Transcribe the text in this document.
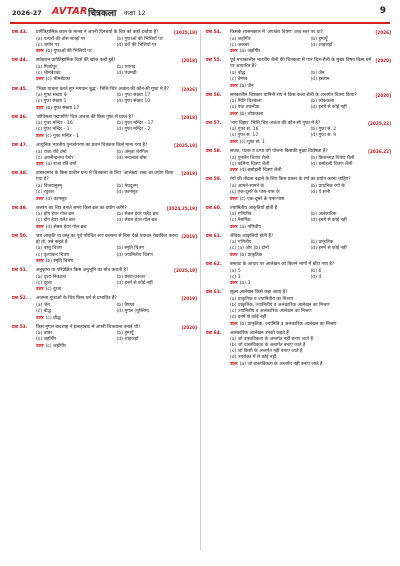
2026-27 AVTAR चित्रकला कक्षा 12	9
प्रश्न 43.	[2025,18]
प्रागैतिहासिक काल के मानव ने अपनी दिनचर्या के चित्र को कहाँ दर्शाया है?
(a) पत्थरों की ठोस सतहों पर	(b) गुफाओं की भित्तियों पर
(c) जमीन पर	(d) घरों की भित्तियों पर
उत्तर (b) गुफाओं की भित्तियों पर
प्रश्न 44.	[2018]
सर्वप्रथम प्रागैतिहासिक चित्रों की खोज कहाँ हुई?
(a) मिर्जापुर	(b) रायगढ़
(c) भीमबेटका	(d) पंचमढ़ी
उत्तर (c) भीमबेटका
प्रश्न 45.	[2026]
'भिक्षा याचना करते हुए भगवान बुद्ध'- भित्ति चित्र अजंता की कौन-सी गुफा में है?
(a) गुफा संख्या 9	(b) गुफा संख्या 17
(c) गुफा संख्या 1	(d) गुफा संख्या 10
उत्तर (b) गुफा संख्या 17
प्रश्न 46.	[2018]
'बोधिसत्व पद्मपाणि' चित्र अजंता की किस गुफा में प्राप्त है?
(a) गुफा मन्दिर - 16	(b) गुफा मन्दिर - 17
(c) गुफा मन्दिर - 1	(d) गुफा मन्दिर - 2
उत्तर (c) गुफा मन्दिर - 1
प्रश्न 47.	[2025,18]
आधुनिक भारतीय पुनर्जागरण का प्रथम चित्रकार किसे माना गया है?
(a) राजा रवि वर्मा	(b) अमृता शेरगिल
(c) अवनीन्द्रनाथ टैगोर	(d) नन्दलाल बोस
उत्तर (a) राजा रवि वर्मा
प्रश्न 48.	[2019]
वास्तवमान के किस प्राचीन ग्रन्थ में चित्रकला के लिए 'आलेख्य' शब्द का प्रयोग किया गया है?
(a) विजयानुस्मृ	(b) मेघदूतम्
(c) रघुवंश	(d) कामसूत्र
उत्तर (d) कामसूत्र
प्रश्न 49.	[2024,25,19]
जलरंग का चित्र बनाते समय किस ब्रश का प्रयोग करेंगे?
(a) हॉग हेयर गोल ब्रश	(b) सेबल हेयर फ्लैट ब्रश
(c) हॉग हेयर फ्लैट ब्रश	(d) सेबल हेयर गोल ब्रश
उत्तर (d) सेबल हेयर गोल ब्रश
प्रश्न 50.	[2019]
जब आकृति या वस्तु का पूर्व परिचित रूप कल्पना से बिना देखे यथावत रेखांकित करना हो तो, उसे कहते हैं
(a) वस्तु चित्रण	(b) स्मृति चित्रण
(c) दृश्यांकन चित्रण	(d) ज्यामितीय चित्रण
उत्तर (b) स्मृति चित्रण
प्रश्न 51.	[2025,19]
अनुकृष्य या परिप्रेक्षित किस अनुभूति का बोध कराती है?
(a) दृश्य-निकटत्व	(b) छाया-प्रकाश
(c) दूरत्व	(d) इनमें से कोई नहीं
उत्तर (c) दूरत्व
प्रश्न 52.	[2019]
अजन्ता गुफाओं के चित्र किस धर्म से प्रभावित हैं?
(a) जैन	(b) वैष्णव
(c) बौद्ध	(d) मुगल (मुस्लिम)
उत्तर (c) बौद्ध
प्रश्न 53.	[2020]
किस मुगल बादशाह ने इलाहाबाद में अपनी चित्रशाला बनाई थी?
(a) बाबर	(b) हुमायूँ
(c) जहाँगीर	(d) शाहजहाँ
उत्तर (c) जहाँगीर
प्रश्न 54.	[2026]
किसके शासनकाल में 'अपभ्रंश चित्रण' उच्च स्तर पर था?
(a) जहाँगीर	(b) हुमायूँ
(c) अकबर	(d) शाहजहाँ
उत्तर (a) जहाँगीर
प्रश्न 55.	[2020]
पूर्व मध्यकालीन भारतीय शैली की चित्रकला में पात्र चित्र-शैली के मुख्य विषय किस धर्म पर आधारित है?
(a) बौद्ध	(b) जैन
(c) वैष्णव	(d) इस्लाम
उत्तर (b) जैन
प्रश्न 56.	[2020]
समकालीन चित्रकार यामिनी राय ने किस कला शैली के अन्तर्गत चित्रण किया?
(a) मिति चित्रकला	(b) लोककला
(c) यथा तकनीक	(d) इनमें से कोई नहीं
उत्तर (b) लोककला
प्रश्न 57.	[2025,22]
'नाग विहार' भित्ति चित्र अजंता की कौन-सी गुफा में है?
(a) गुफा सं. 16	(b) गुफा सं. 2
(c) गुफा सं. 17	(d) गुफा सं. 9
उत्तर (c) गुफा सं. 1
प्रश्न 58.	[2026,22]
सपाट, घटक व ठप्पा वर्ग योजना किसकी मुख्य विशेषता है?
(a) पुनर्लेन चित्रण शैली	(b) किशनगढ़ चित्रण शैली
(c) कलिंगा चित्रण शैली	(d) बसोहली चित्रण शैली
उत्तर (d) बसोहली चित्रण शैली
प्रश्न 59. रंगों की तीव्रता बढ़ाने के लिए किस प्रकार के रंगों का प्रयोग करना चाहिए?
(a) आमने-सामने के	(b) प्राथमिक रंगों के
(c) एक-दूसरे के पास-पास के	(d) ये सभी
उत्तर (c) एक-दूसरे के पास-पास
प्रश्न 60. ज्यामितीय आकृतियाँ होती हैं
(a) गणितीय	(b) अलंकारिक
(c) नैसर्गिक	(d) इनमें से कोई नहीं
उत्तर (a) गणितीय
प्रश्न 61. जैविक आकृतियाँ होती हैं?
(a) गणितीय	(b) प्राकृतिक
(c) (a) और (b) दोनों	(d) इनमें से कोई नहीं
उत्तर (b) प्राकृतिक
प्रश्न 62. बनावट के आधार पर आलेखन को कितने भागों में बाँटा गया है?
(a) 5	(b) 6
(c) 3	(d) 4
उत्तर (a) 3
प्रश्न 63. सूक्ष्म आलेखन किसे कहा जाता है?
(a) प्राकृतिक व ज्यामितीय का मिश्रण
(b) प्राकृतिक, ज्यामितीय व अलंकारिक आलेखन का मिश्रण
(c) ज्यामितीय व अलंकारिक आलेखन का मिश्रण
(d) इनमें से कोई नहीं
उत्तर (b) प्राकृतिक, ज्यामिति व अलंकारिक आलेखन का मिश्रण
प्रश्न 64. अलंकारिक आलेखन उनको कहते हैं
(a) जो वास्तविकता के अन्तर्गत नहीं बनाए जाते हैं
(b) जो वास्तविकता के अन्तर्गत बनाए जाते हैं
(c) जो किसी के अन्तर्गत नहीं बनाए जाते हैं
(d) उपरोक्त में से कोई नहीं
उत्तर (a) जो वास्तविकता के अन्तर्गत नहीं बनाए जाते हैं
